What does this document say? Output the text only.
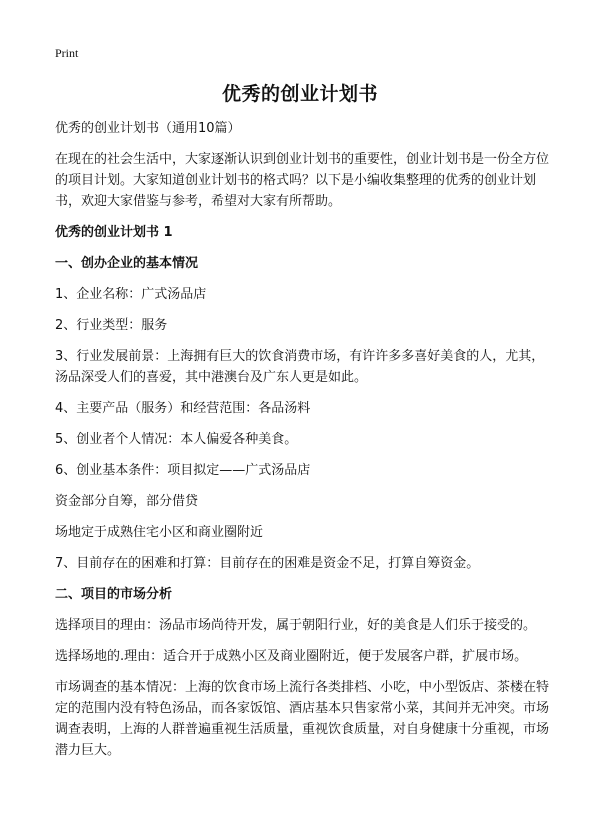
Print
优秀的创业计划书
优秀的创业计划书（通用10篇）
在现在的社会生活中，大家逐渐认识到创业计划书的重要性，创业计划书是一份全方位的项目计划。大家知道创业计划书的格式吗？以下是小编收集整理的优秀的创业计划书，欢迎大家借鉴与参考，希望对大家有所帮助。
优秀的创业计划书 1
一、创办企业的基本情况
1、企业名称：广式汤品店
2、行业类型：服务
3、行业发展前景：上海拥有巨大的饮食消费市场，有许许多多喜好美食的人，尤其，汤品深受人们的喜爱，其中港澳台及广东人更是如此。
4、主要产品（服务）和经营范围：各品汤料
5、创业者个人情况：本人偏爱各种美食。
6、创业基本条件：项目拟定——广式汤品店
资金部分自筹，部分借贷
场地定于成熟住宅小区和商业圈附近
7、目前存在的困难和打算：目前存在的困难是资金不足，打算自筹资金。
二、项目的市场分析
选择项目的理由：汤品市场尚待开发，属于朝阳行业，好的美食是人们乐于接受的。
选择场地的.理由：适合开于成熟小区及商业圈附近，便于发展客户群，扩展市场。
市场调查的基本情况：上海的饮食市场上流行各类排档、小吃，中小型饭店、茶楼在特定的范围内没有特色汤品，而各家饭馆、酒店基本只售家常小菜，其间并无冲突。市场调查表明，上海的人群普遍重视生活质量，重视饮食质量，对自身健康十分重视，市场潜力巨大。
